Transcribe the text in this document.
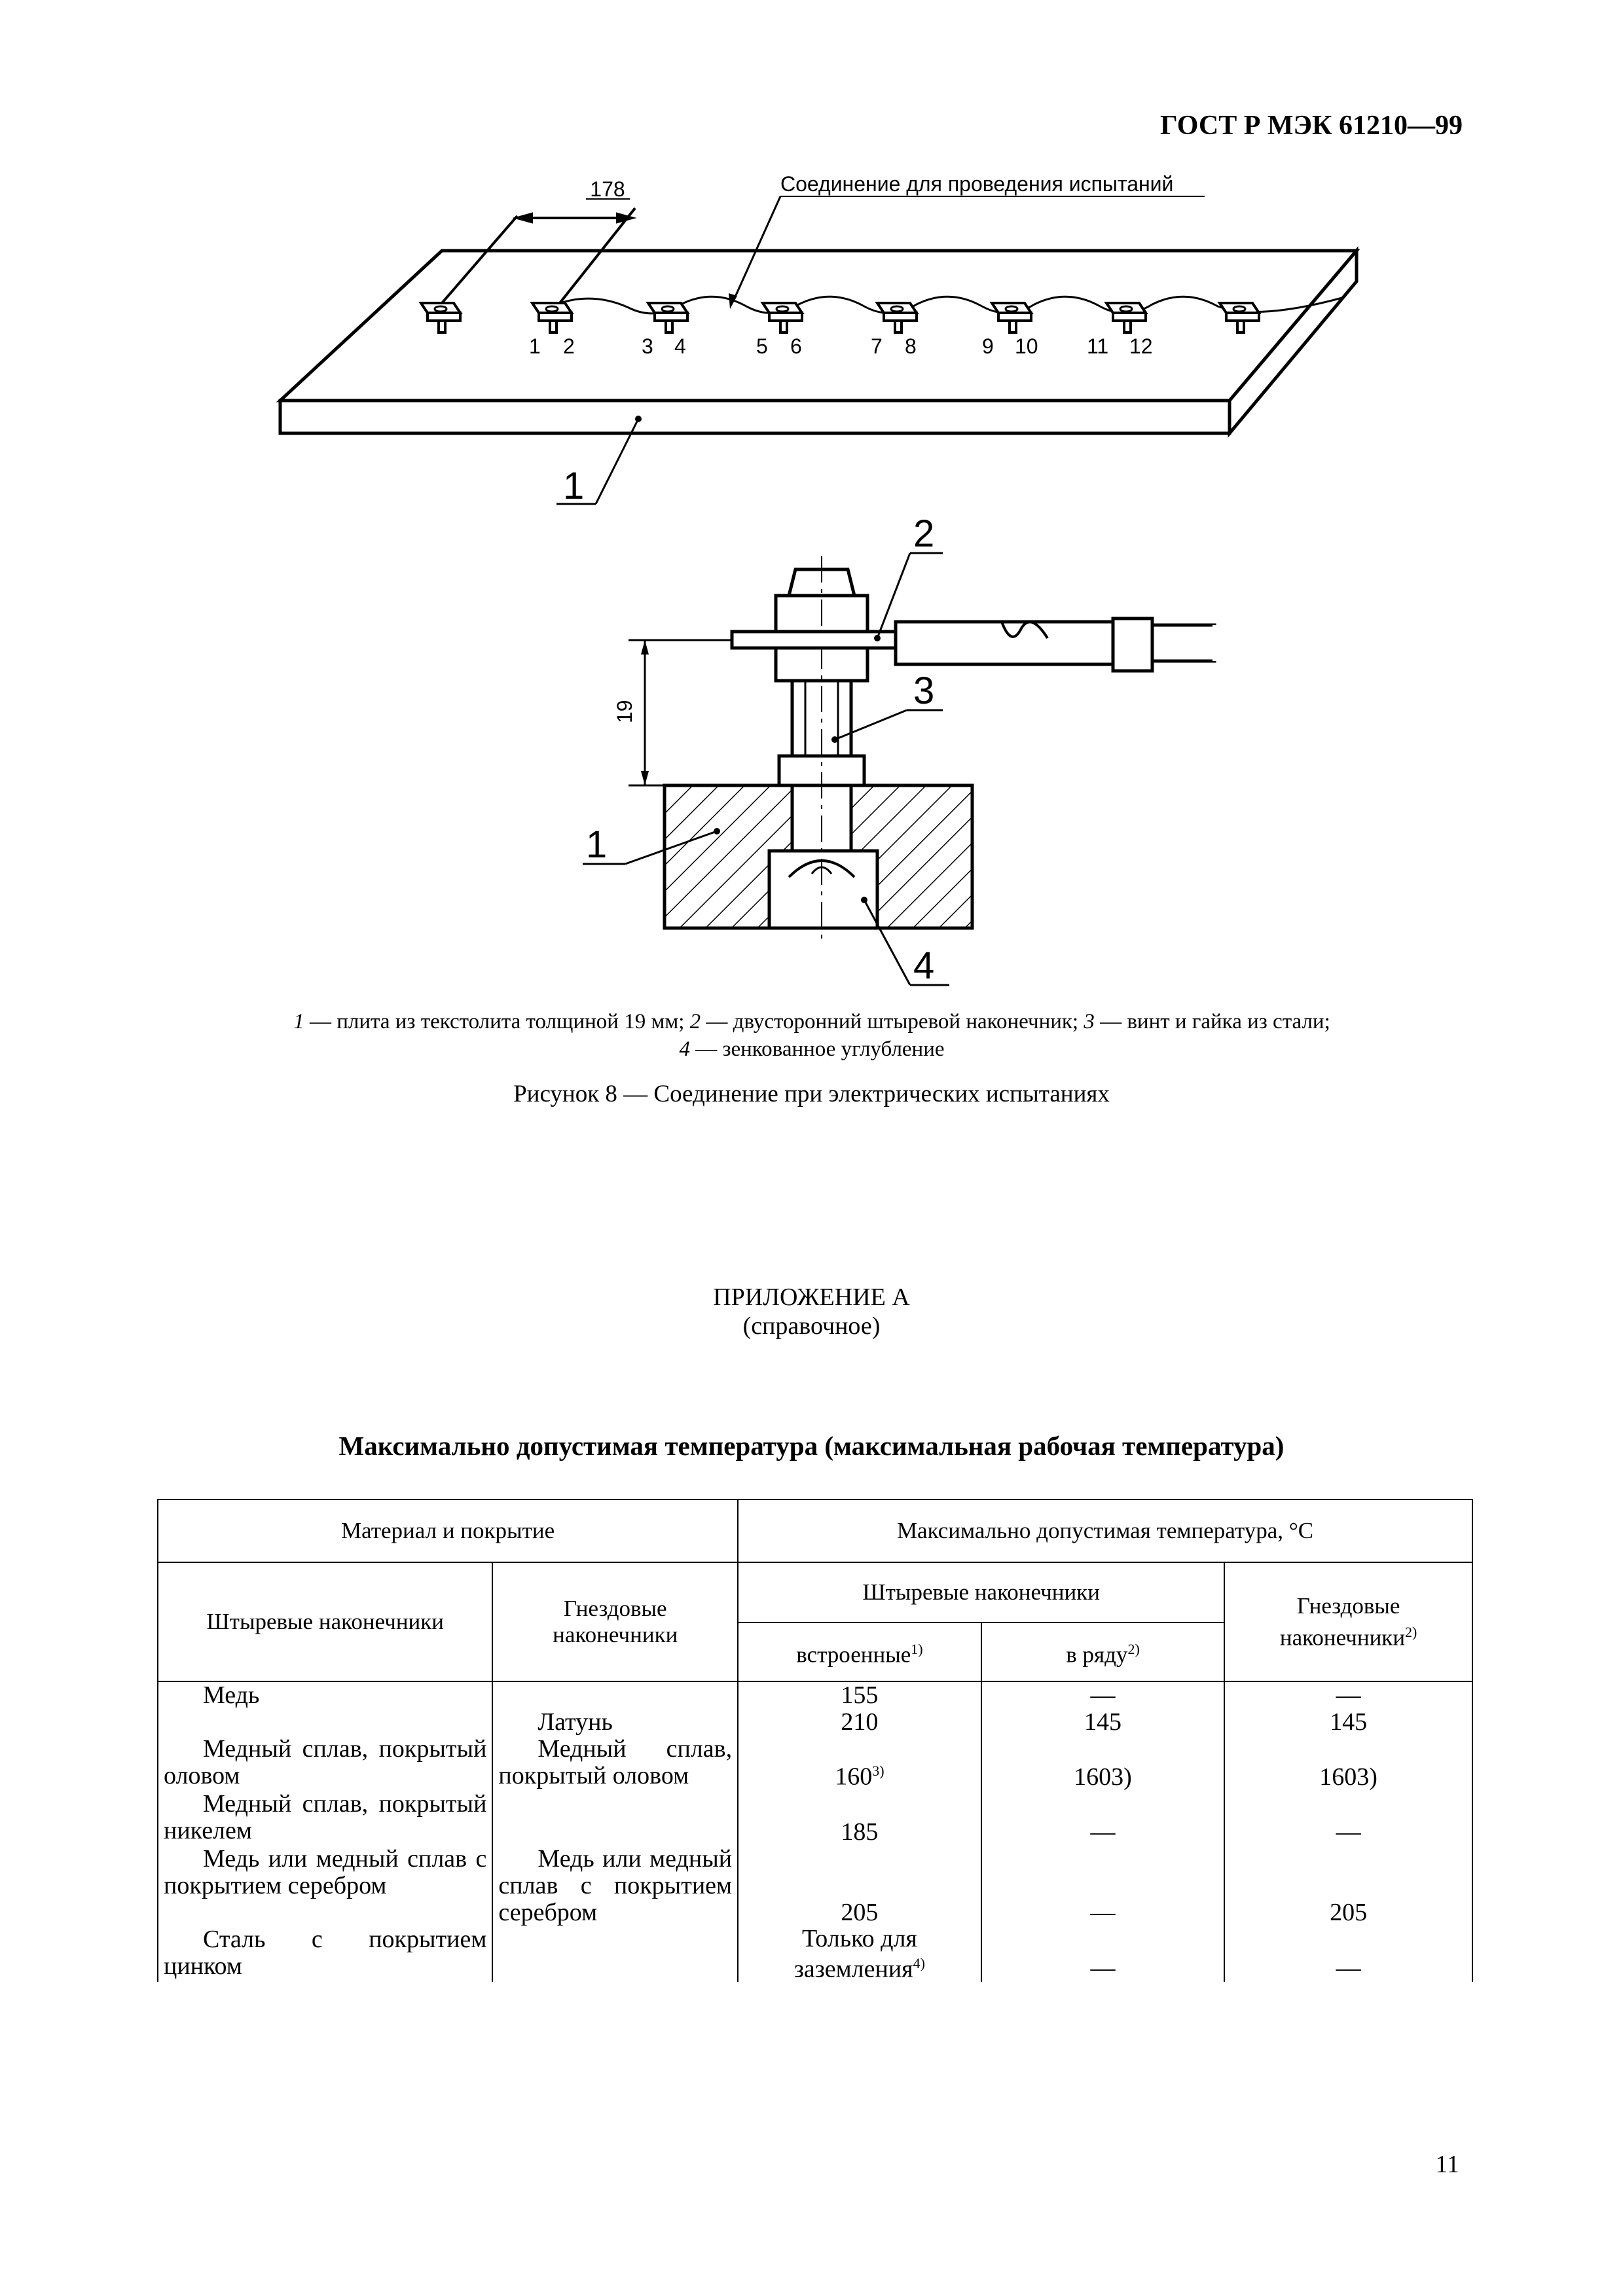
ГОСТ Р МЭК 61210—99
178	Соединение для проведения испытаний
1 2	3 4	5 6	7 8	9 10 11 12
1
19
2
3
1
4
1 — плита из текстолита толщиной 19 мм; 2 — двусторонний штыревой наконечник; 3 — винт и гайка из стали;
4 — зенкованное углубление
Рисунок 8 — Соединение при электрических испытаниях
ПРИЛОЖЕНИЕ А
(справочное)
Максимально допустимая температура (максимальная рабочая температура)
Материал и покрытие		Максимально допустимая температура, °С		
Штыревые наконечники	Гнездовые наконечники	Штыревые наконечники		Гнездовые наконечники$^{2)}$
		встроенные$^{1)}$	в ряду$^{2)}$
Медь		155	—	—
	Латунь	210	145	145
Медный сплав, покрытый оловом	Медный сплав, покрытый оловом	160$^{3)}$	1603)	1603)
Медный сплав, покрытый никелем		185	—	—
Медь или медный сплав с покрытием серебром	Медь или медный сплав с покрытием серебром	205	—	205
Сталь с покрытием цинком		Только для заземления$^{4)}$	—	—
11
